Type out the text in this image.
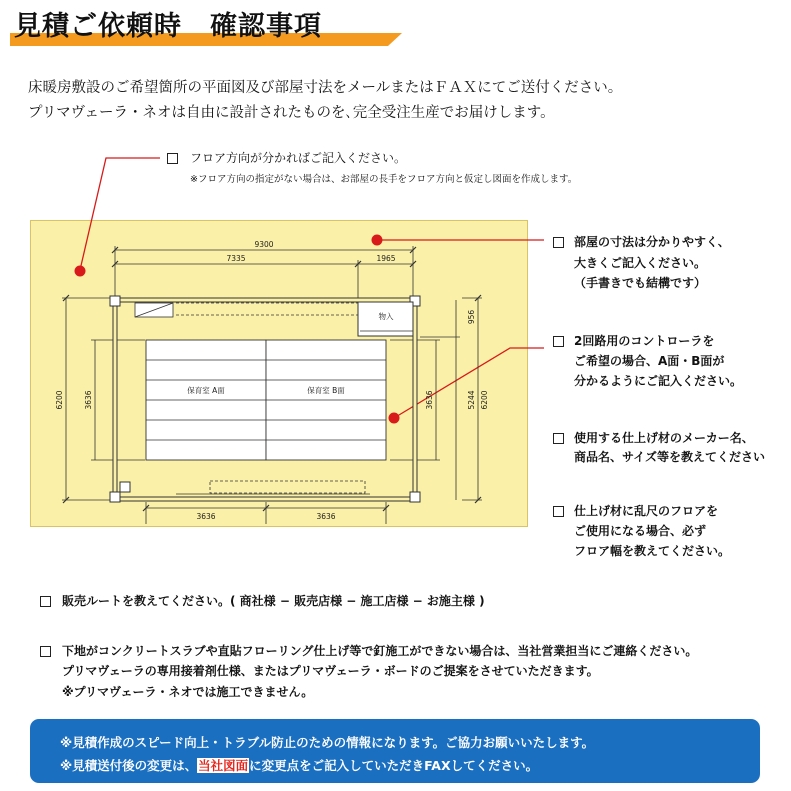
見積ご依頼時　確認事項
床暖房敷設のご希望箇所の平面図及び部屋寸法をメールまたはＦＡＸにてご送付ください。
プリマヴェーラ・ネオは自由に設計されたものを､完全受注生産でお届けします。
フロア方向が分かればご記入ください。
※フロア方向の指定がない場合は、お部屋の長手をフロア方向と仮定し図面を作成します。
9300
7335	1965
3636	3636
物入
保育室 A面	保育室 B面
6200	3636	3636	5244 6200
956
部屋の寸法は分かりやすく、
大きくご記入ください。
（手書きでも結構です）
2回路用のコントローラを
ご希望の場合、A面・B面が
分かるようにご記入ください。
使用する仕上げ材のメーカー名、
商品名、サイズ等を教えてください
仕上げ材に乱尺のフロアを
ご使用になる場合、必ず
フロア幅を教えてください。
販売ルートを教えてください。( 商社様 − 販売店様 − 施工店様 − お施主様 )
下地がコンクリートスラブや直貼フローリング仕上げ等で釘施工ができない場合は、当社営業担当にご連絡ください。
プリマヴェーラの専用接着剤仕様、またはプリマヴェーラ・ボードのご提案をさせていただきます。
※プリマヴェーラ・ネオでは施工できません。
※見積作成のスピード向上・トラブル防止のための情報になります。ご協力お願いいたします。
※見積送付後の変更は、当社図面に変更点をご記入していただきFAXしてください。
